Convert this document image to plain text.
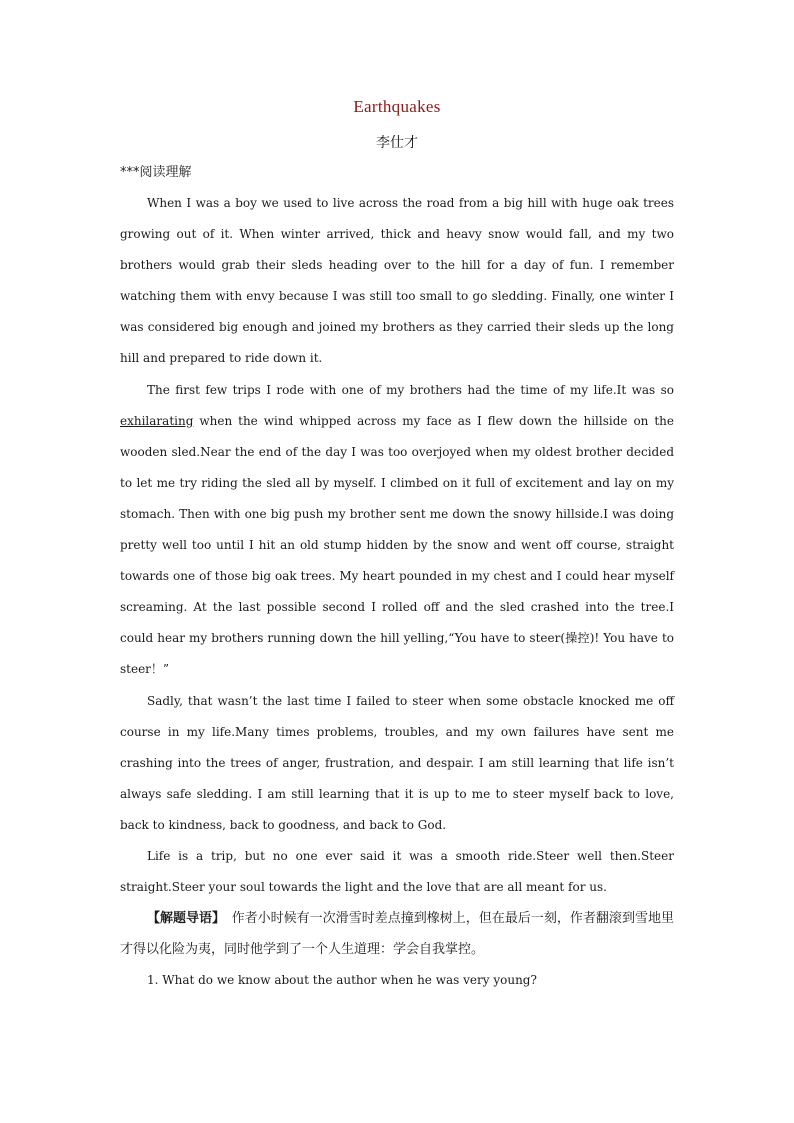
Earthquakes
李仕才
***阅读理解

When I was a boy we used to live across the road from a big hill with huge oak trees growing out of it. When winter arrived, thick and heavy snow would fall, and my two brothers would grab their sleds heading over to the hill for a day of fun. I remember watching them with envy because I was still too small to go sledding. Finally, one winter I was considered big enough and joined my brothers as they carried their sleds up the long hill and prepared to ride down it.

The first few trips I rode with one of my brothers had the time of my life.It was so exhilarating when the wind whipped across my face as I flew down the hillside on the wooden sled.Near the end of the day I was too overjoyed when my oldest brother decided to let me try riding the sled all by myself. I climbed on it full of excitement and lay on my stomach. Then with one big push my brother sent me down the snowy hillside.I was doing pretty well too until I hit an old stump hidden by the snow and went off course, straight towards one of those big oak trees. My heart pounded in my chest and I could hear myself screaming. At the last possible second I rolled off and the sled crashed into the tree.I could hear my brothers running down the hill yelling,“You have to steer(操控)! You have to steer！”

Sadly, that wasn’t the last time I failed to steer when some obstacle knocked me off course in my life.Many times problems, troubles, and my own failures have sent me crashing into the trees of anger, frustration, and despair. I am still learning that life isn’t always safe sledding. I am still learning that it is up to me to steer myself back to love, back to kindness, back to goodness, and back to God.

Life is a trip, but no one ever said it was a smooth ride.Steer well then.Steer straight.Steer your soul towards the light and the love that are all meant for us.

【解题导语】　作者小时候有一次滑雪时差点撞到橡树上，但在最后一刻，作者翻滚到雪地里才得以化险为夷，同时他学到了一个人生道理：学会自我掌控。

1. What do we know about the author when he was very young?
